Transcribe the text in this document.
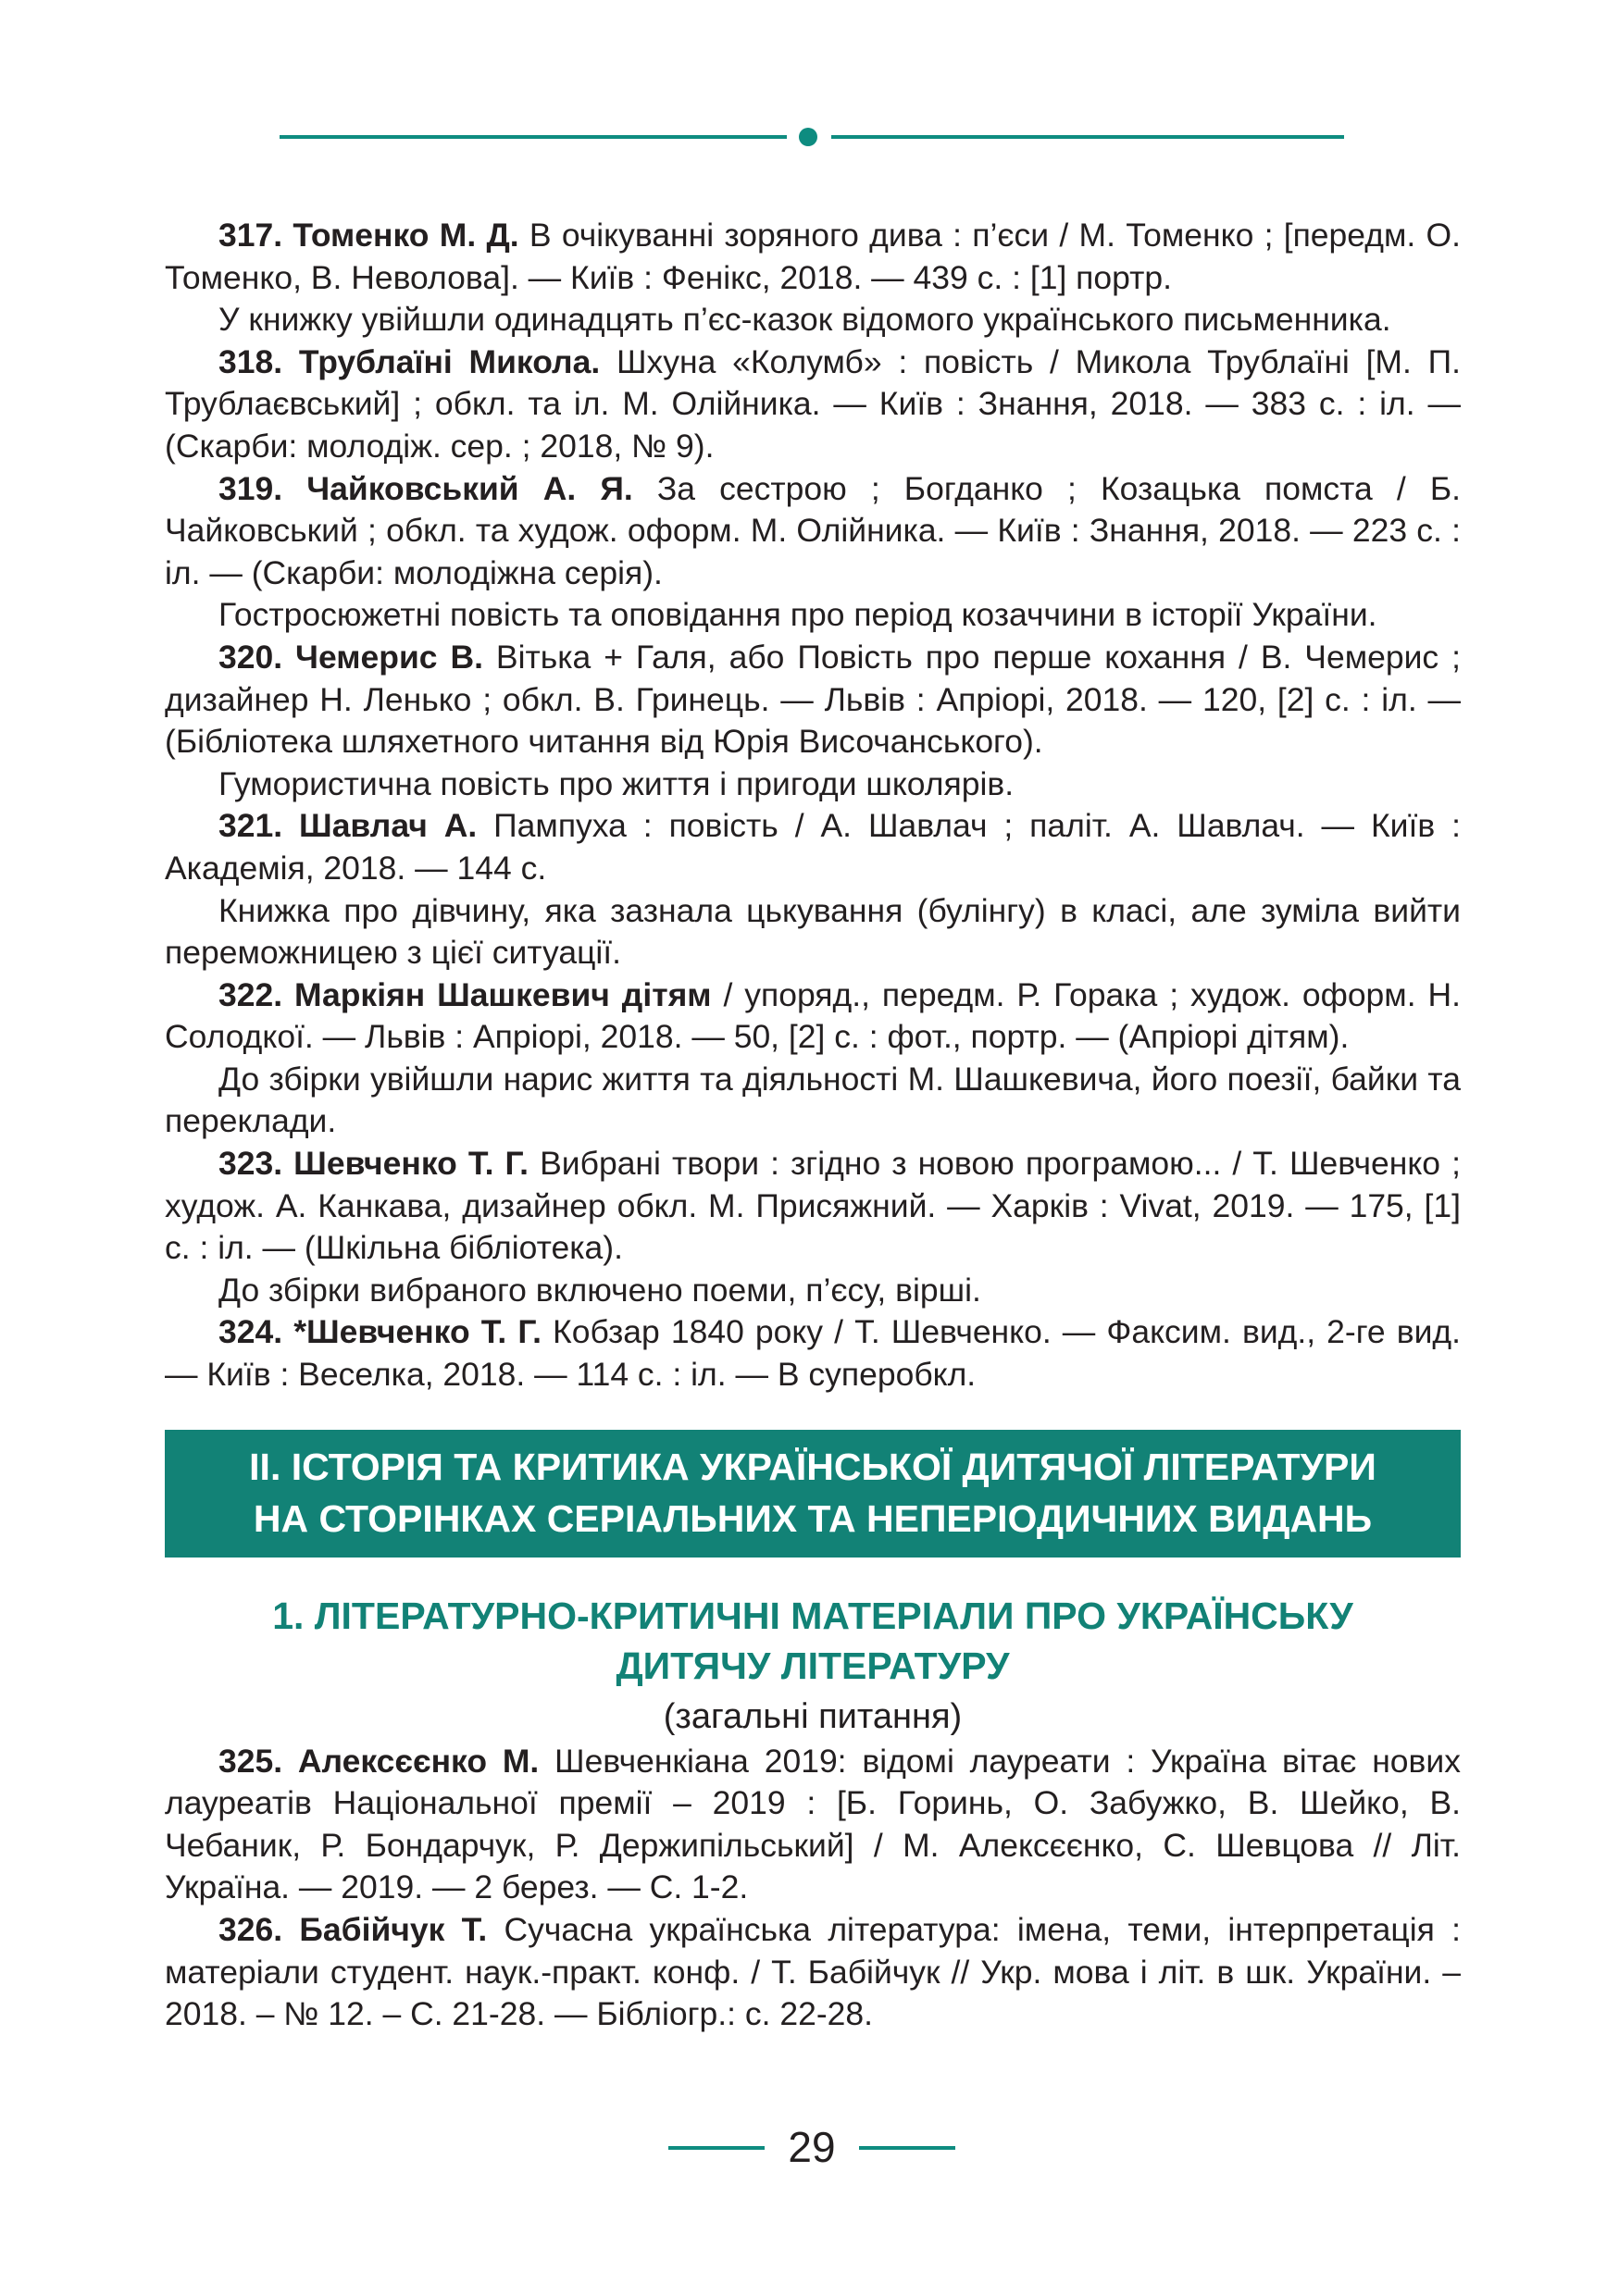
317. Томенко М. Д. В очікуванні зоряного дива : п’єси / М. Томенко ; [передм. О. Томенко, В. Неволова]. — Київ : Фенікс, 2018. — 439 с. : [1] портр.

У книжку увійшли одинадцять п’єс-казок відомого українського письменника.

318. Трублаїні Микола. Шхуна «Колумб» : повість / Микола Трублаїні [М. П. Трублаєвський] ; обкл. та іл. М. Олійника. — Київ : Знання, 2018. — 383 с. : іл. — (Скарби: молодіж. сер. ; 2018, № 9).

319. Чайковський А. Я. За сестрою ; Богданко ; Козацька помста / Б. Чайковський ; обкл. та худож. оформ. М. Олійника. — Київ : Знання, 2018. — 223 с. : іл. — (Скарби: молодіжна серія).

Гостросюжетні повість та оповідання про період козаччини в історії України.

320. Чемерис В. Вітька + Галя, або Повість про перше кохання / В. Чемерис ; дизайнер Н. Ленько ; обкл. В. Гринець. — Львів : Апріорі, 2018. — 120, [2] с. : іл. — (Бібліотека шляхетного читання від Юрія Височанського).

Гумористична повість про життя і пригоди школярів.

321. Шавлач А. Пампуха : повість / А. Шавлач ; паліт. А. Шавлач. — Київ : Академія, 2018. — 144 с.

Книжка про дівчину, яка зазнала цькування (булінгу) в класі, але зуміла вийти переможницею з цієї ситуації.

322. Маркіян Шашкевич дітям / упоряд., передм. Р. Горака ; худож. оформ. Н. Солодкої. — Львів : Апріорі, 2018. — 50, [2] с. : фот., портр. — (Апріорі дітям).

До збірки увійшли нарис життя та діяльності М. Шашкевича, його поезії, байки та переклади.

323. Шевченко Т. Г. Вибрані твори : згідно з новою програмою... / Т. Шевченко ; худож. А. Канкава, дизайнер обкл. М. Присяжний. — Харків : Vivat, 2019. — 175, [1] с. : іл. — (Шкільна бібліотека).

До збірки вибраного включено поеми, п’єсу, вірші.

324. *Шевченко Т. Г. Кобзар 1840 року / Т. Шевченко. — Факсим. вид., 2-ге вид. — Київ : Веселка, 2018. — 114 с. : іл. — В суперобкл.

ІІ. ІСТОРІЯ ТА КРИТИКА УКРАЇНСЬКОЇ ДИТЯЧОЇ ЛІТЕРАТУРИ
НА СТОРІНКАХ СЕРІАЛЬНИХ ТА НЕПЕРІОДИЧНИХ ВИДАНЬ
1. ЛІТЕРАТУРНО-КРИТИЧНІ МАТЕРІАЛИ ПРО УКРАЇНСЬКУ
ДИТЯЧУ ЛІТЕРАТУРУ
(загальні питання)

325. Алексєєнко М. Шевченкіана 2019: відомі лауреати : Україна вітає нових лауреатів Національної премії – 2019 : [Б. Горинь, О. Забужко, В. Шейко, В. Чебаник, Р. Бондарчук, Р. Держипільський] / М. Алексєєнко, С. Шевцова // Літ. Україна. — 2019. — 2 берез. — С. 1-2.

326. Бабійчук Т. Сучасна українська література: імена, теми, інтерпретація : матеріали студент. наук.-практ. конф. / Т. Бабійчук // Укр. мова і літ. в шк. України. – 2018. – № 12. – С. 21-28. — Бібліогр.: с. 22-28.

29
